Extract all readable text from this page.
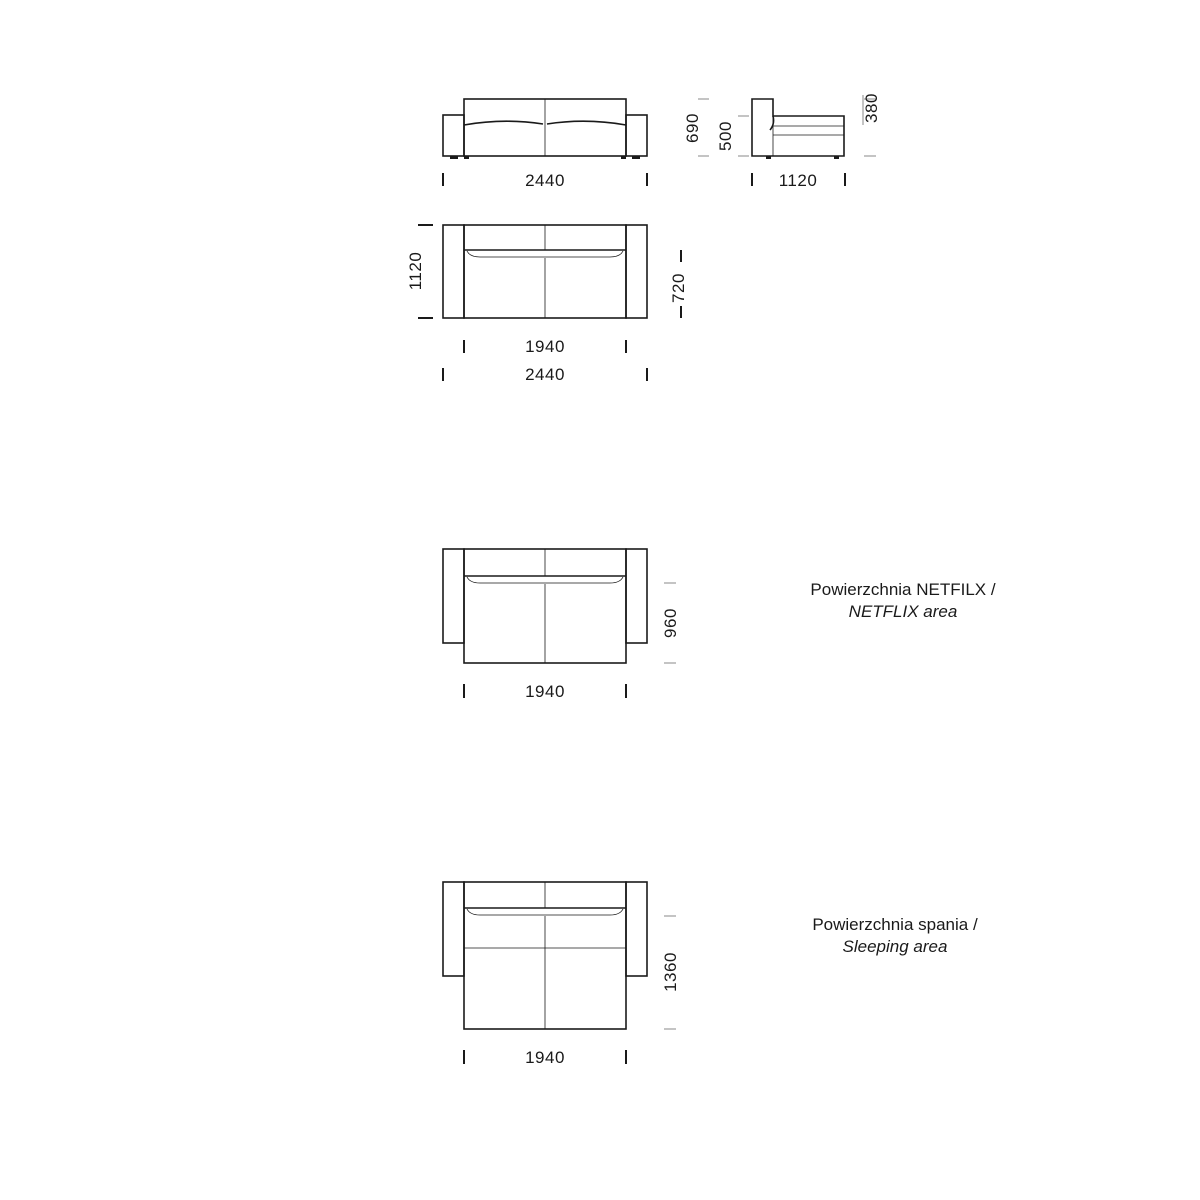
2440
690 500
380
1120
1120	720
1940
2440
960
1940
1360
1940
Powierzchnia NETFILX /
NETFLIX area
Powierzchnia spania /
Sleeping area
